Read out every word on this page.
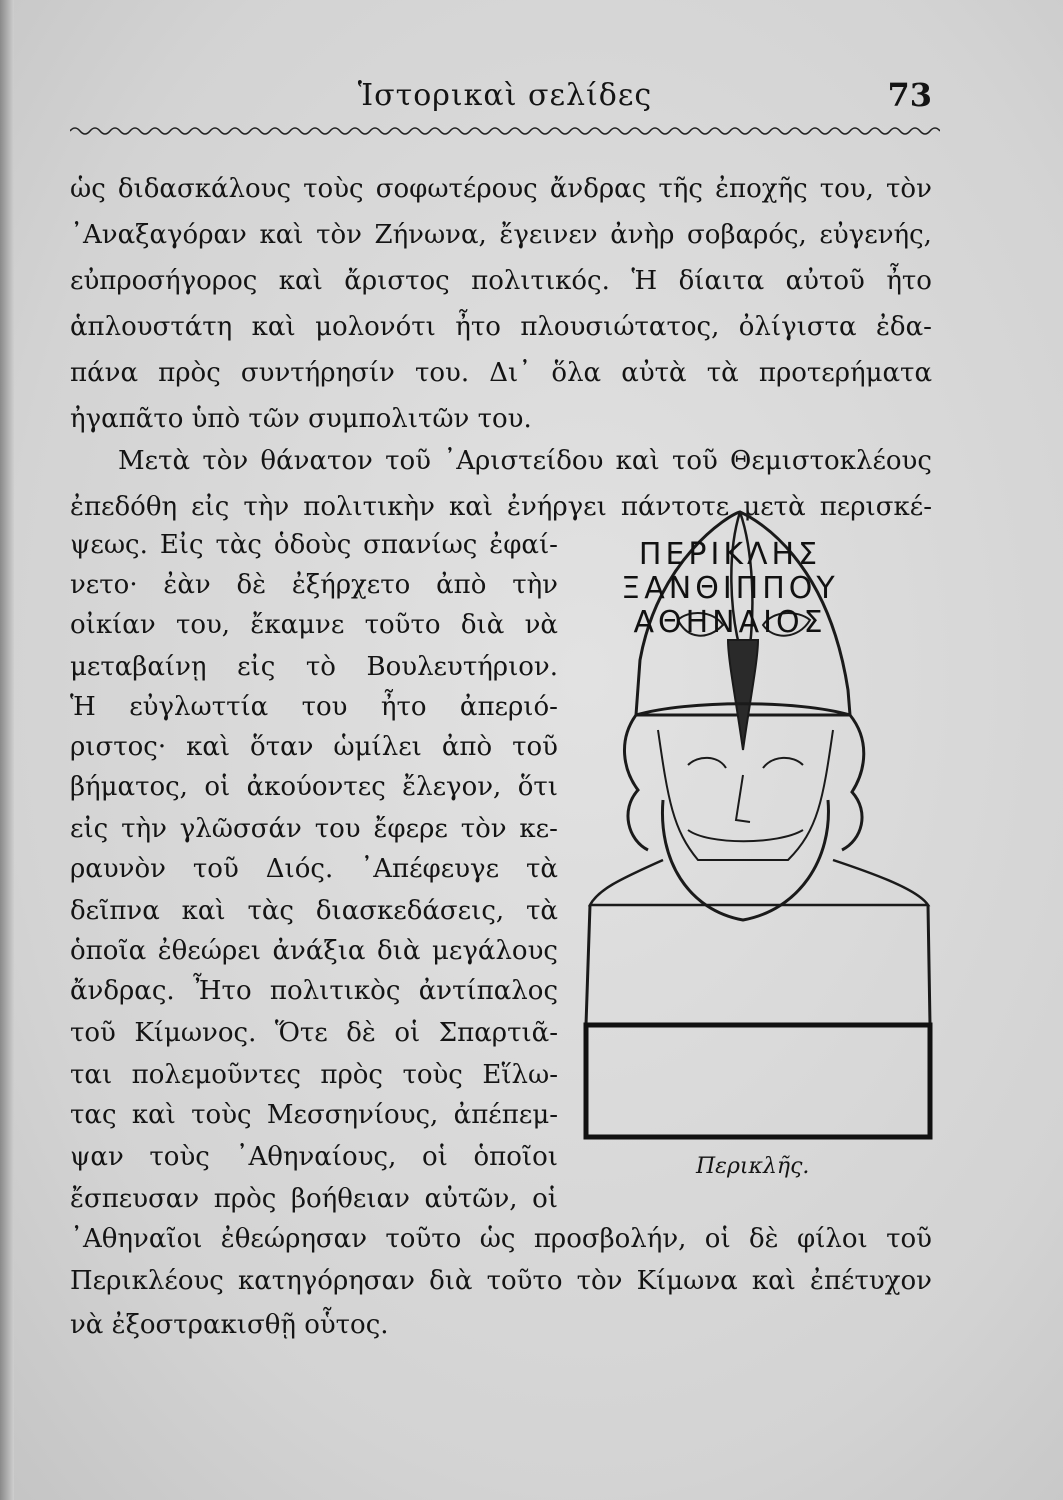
Ἱστορικαὶ σελίδες	73
ὡς διδασκάλους τοὺς σοφωτέρους ἄνδρας τῆς ἐποχῆς του, τὸν
᾿Αναξαγόραν καὶ τὸν Ζήνωνα, ἔγεινεν ἀνὴρ σοβαρός, εὐγενής,
εὐπροσήγορος καὶ ἄριστος πολιτικός. Ἡ δίαιτα αὐτοῦ ἦτο
ἁπλουστάτη καὶ μολονότι ἦτο πλουσιώτατος, ὀλίγιστα ἐδα-
πάνα πρὸς συντήρησίν του. Δι᾿ ὅλα αὐτὰ τὰ προτερήματα
ἠγαπᾶτο ὑπὸ τῶν συμπολιτῶν του.
Μετὰ τὸν θάνατον τοῦ ᾿Αριστείδου καὶ τοῦ Θεμιστοκλέους
ἐπεδόθη εἰς τὴν πολιτικὴν καὶ ἐνήργει πάντοτε μετὰ περισκέ-
ψεως. Εἰς τὰς ὁδοὺς σπανίως ἐφαί-
νετο· ἐὰν δὲ ἐξήρχετο ἀπὸ τὴν
οἰκίαν του, ἔκαμνε τοῦτο διὰ νὰ
μεταβαίνῃ εἰς τὸ Βουλευτήριον.
Ἡ εὐγλωττία του ἦτο ἀπεριό-
ριστος· καὶ ὅταν ὡμίλει ἀπὸ τοῦ
βήματος, οἱ ἀκούοντες ἔλεγον, ὅτι
εἰς τὴν γλῶσσάν του ἔφερε τὸν κε-
ραυνὸν τοῦ Διός. ᾿Απέφευγε τὰ
δεῖπνα καὶ τὰς διασκεδάσεις, τὰ
ὁποῖα ἐθεώρει ἀνάξια διὰ μεγάλους
ἄνδρας. Ἦτο πολιτικὸς ἀντίπαλος
τοῦ Κίμωνος. Ὅτε δὲ οἱ Σπαρτιᾶ-
ται πολεμοῦντες πρὸς τοὺς Εἵλω-
τας καὶ τοὺς Μεσσηνίους, ἀπέπεμ-
ψαν τοὺς ᾿Αθηναίους, οἱ ὁποῖοι
ἔσπευσαν πρὸς βοήθειαν αὐτῶν, οἱ
᾿Αθηναῖοι ἐθεώρησαν τοῦτο ὡς προσβολήν, οἱ δὲ φίλοι τοῦ
Περικλέους κατηγόρησαν διὰ τοῦτο τὸν Κίμωνα καὶ ἐπέτυχον
νὰ ἐξοστρακισθῇ οὗτος.
ΠΕΡΙΚΛΗΣ
ΞΑΝΘΙΠΠΟΥ
ΑΘΗΝΑΙΟΣ
Περικλῆς.
